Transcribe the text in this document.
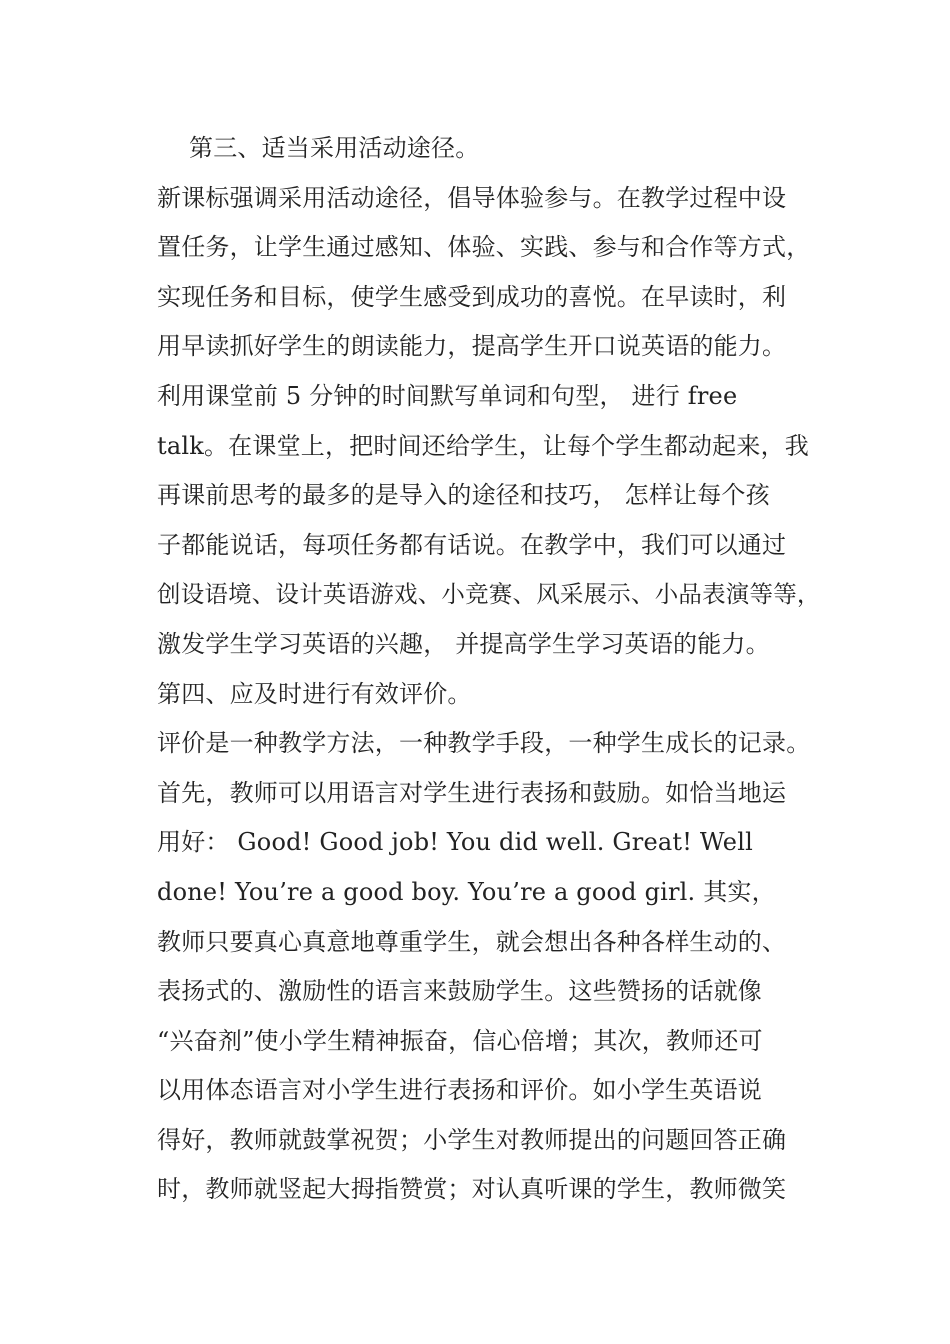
第三、适当采用活动途径。
新课标强调采用活动途径，倡导体验参与。在教学过程中设
置任务，让学生通过感知、体验、实践、参与和合作等方式，
实现任务和目标，使学生感受到成功的喜悦。在早读时，利
用早读抓好学生的朗读能力，提高学生开口说英语的能力。
利用课堂前 5 分钟的时间默写单词和句型， 进行 free
talk。在课堂上，把时间还给学生，让每个学生都动起来，我
再课前思考的最多的是导入的途径和技巧， 怎样让每个孩
子都能说话，每项任务都有话说。在教学中，我们可以通过
创设语境、设计英语游戏、小竞赛、风采展示、小品表演等等，
激发学生学习英语的兴趣， 并提高学生学习英语的能力。
第四、应及时进行有效评价。
评价是一种教学方法，一种教学手段，一种学生成长的记录。
首先，教师可以用语言对学生进行表扬和鼓励。如恰当地运
用好： Good! Good job! You did well. Great! Well
done! You’re a good boy. You’re a good girl. 其实，
教师只要真心真意地尊重学生，就会想出各种各样生动的、
表扬式的、激励性的语言来鼓励学生。这些赞扬的话就像
“兴奋剂”使小学生精神振奋，信心倍增；其次，教师还可
以用体态语言对小学生进行表扬和评价。如小学生英语说
得好，教师就鼓掌祝贺；小学生对教师提出的问题回答正确
时，教师就竖起大拇指赞赏；对认真听课的学生，教师微笑
